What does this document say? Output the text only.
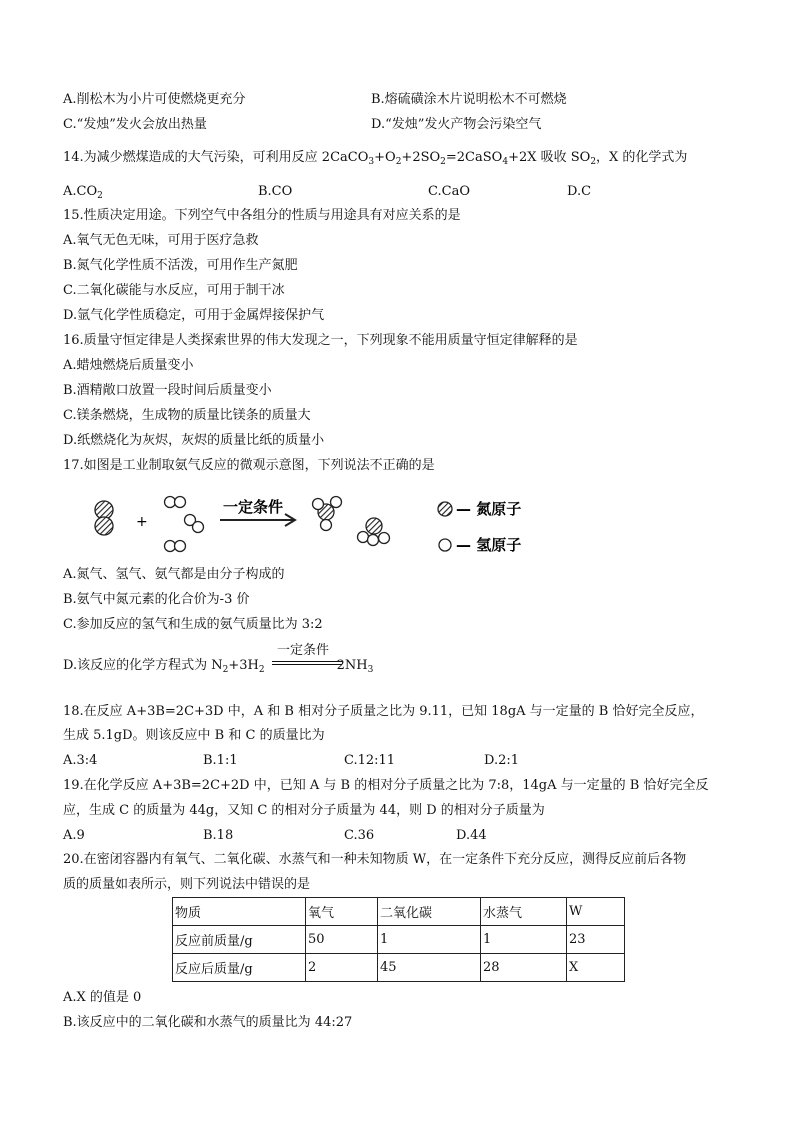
A.削松木为小片可使燃烧更充分	B.熔硫磺涂木片说明松木不可燃烧
C.“发烛”发火会放出热量	D.“发烛”发火产物会污染空气
14.为减少燃煤造成的大气污染，可利用反应 $2CaCO_3+O_2+2SO_2=2CaSO_4+2X$ 吸收 $SO_2$，X 的化学式为
$A.CO_2$	B.CO	C.CaO	D.C
15.性质决定用途。下列空气中各组分的性质与用途具有对应关系的是
A.氧气无色无味，可用于医疗急救
B.氮气化学性质不活泼，可用作生产氮肥
C.二氧化碳能与水反应，可用于制干冰
D.氩气化学性质稳定，可用于金属焊接保护气
16.质量守恒定律是人类探索世界的伟大发现之一，下列现象不能用质量守恒定律解释的是
A.蜡烛燃烧后质量变小
B.酒精敞口放置一段时间后质量变小
C.镁条燃烧，生成物的质量比镁条的质量大
D.纸燃烧化为灰烬，灰烬的质量比纸的质量小
17.如图是工业制取氨气反应的微观示意图，下列说法不正确的是
+
一定条件	— 氮原子
— 氢原子
A.氮气、氢气、氨气都是由分子构成的
B.氨气中氮元素的化合价为-3 价
C.参加反应的氢气和生成的氨气质量比为 3:2
D.该反应的化学方程式为 $N_2+3H_2$	$2NH_3$
一定条件
18.在反应 A+3B=2C+3D 中，A 和 B 相对分子质量之比为 9.11，已知 18gA 与一定量的 B 恰好完全反应，
生成 5.1gD。则该反应中 B 和 C 的质量比为
A.3:4	B.1:1	C.12:11	D.2:1
19.在化学反应 A+3B=2C+2D 中，已知 A 与 B 的相对分子质量之比为 7:8，14gA 与一定量的 B 恰好完全反
应，生成 C 的质量为 44g，又知 C 的相对分子质量为 44，则 D 的相对分子质量为
A.9	B.18	C.36	D.44
20.在密闭容器内有氧气、二氧化碳、水蒸气和一种未知物质 W，在一定条件下充分反应，测得反应前后各物
质的质量如表所示，则下列说法中错误的是
物质	氧气	二氧化碳	水蒸气	W
反应前质量/g	50	1	1	23
反应后质量/g	2	45	28	X
A.X 的值是 0
B.该反应中的二氧化碳和水蒸气的质量比为 44:27
